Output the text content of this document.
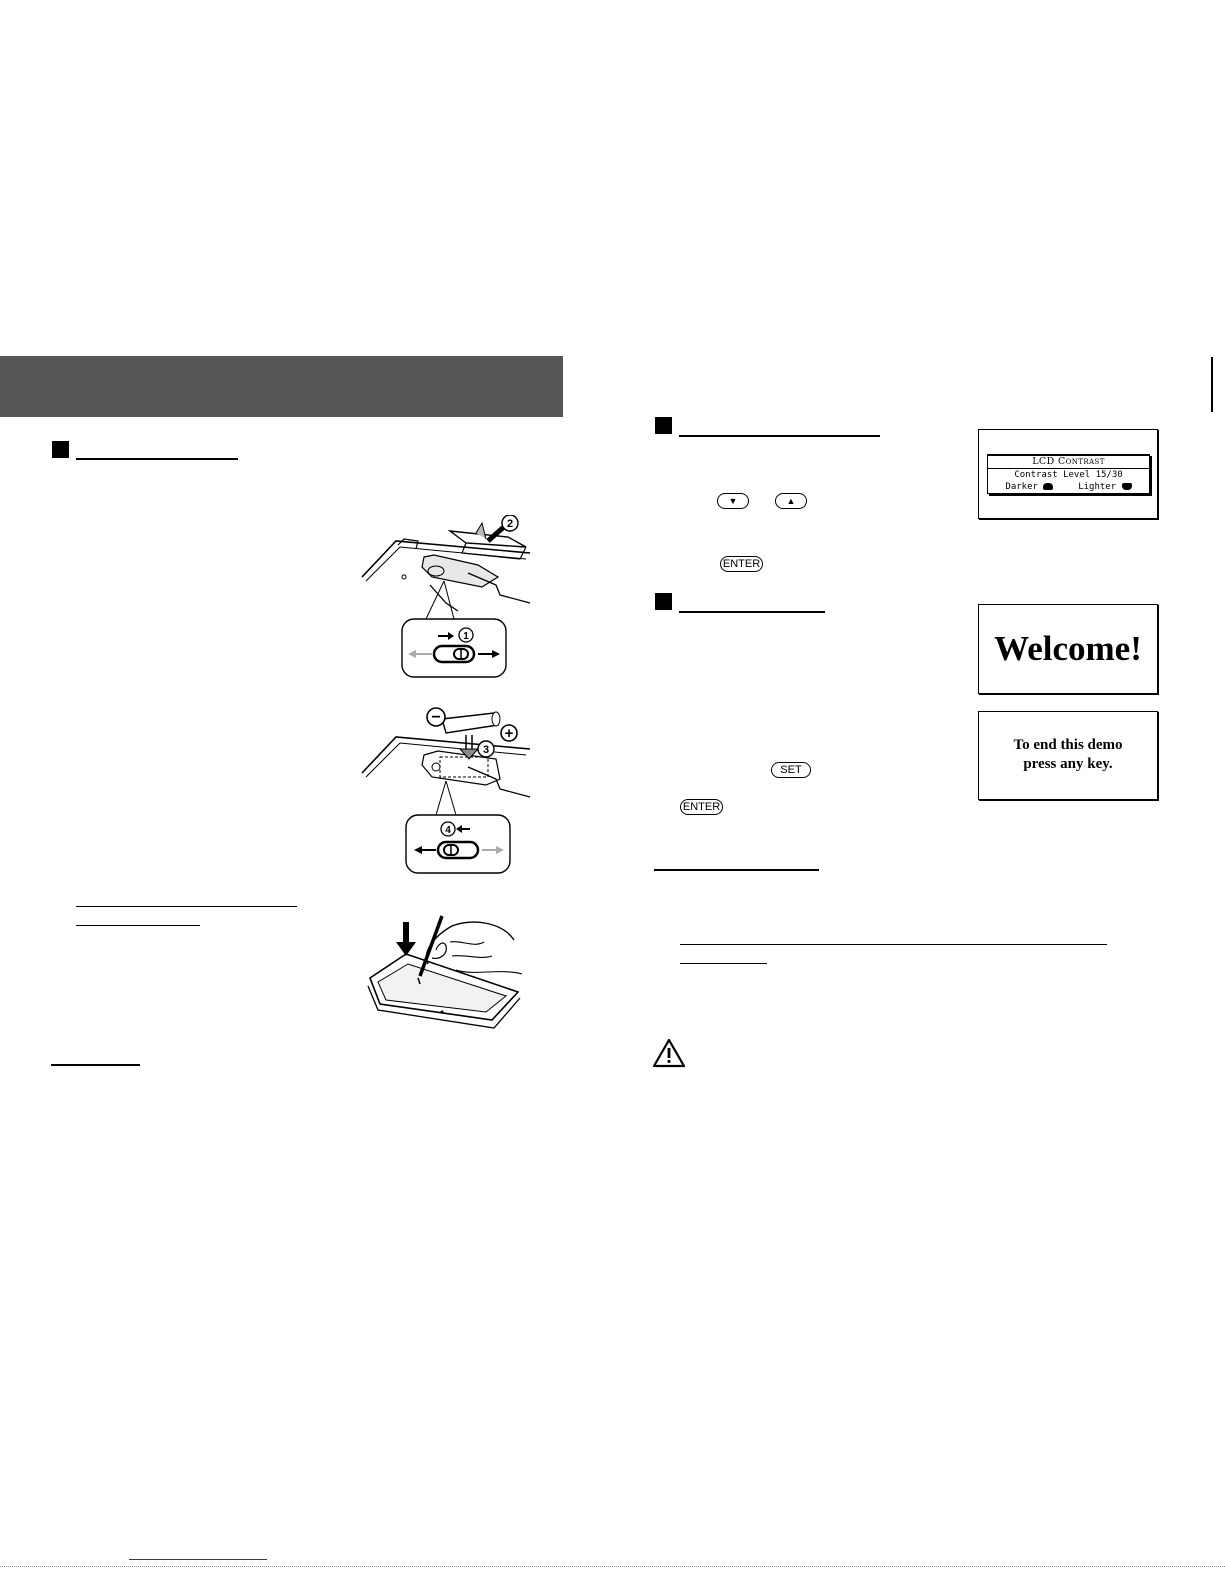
2
1
−
+
3
4
▼	▲
ENTER
LCD Contrast
Contrast Level 15/30
Darker	Lighter
Welcome!
To end this demo
press any key.
SET
ENTER
